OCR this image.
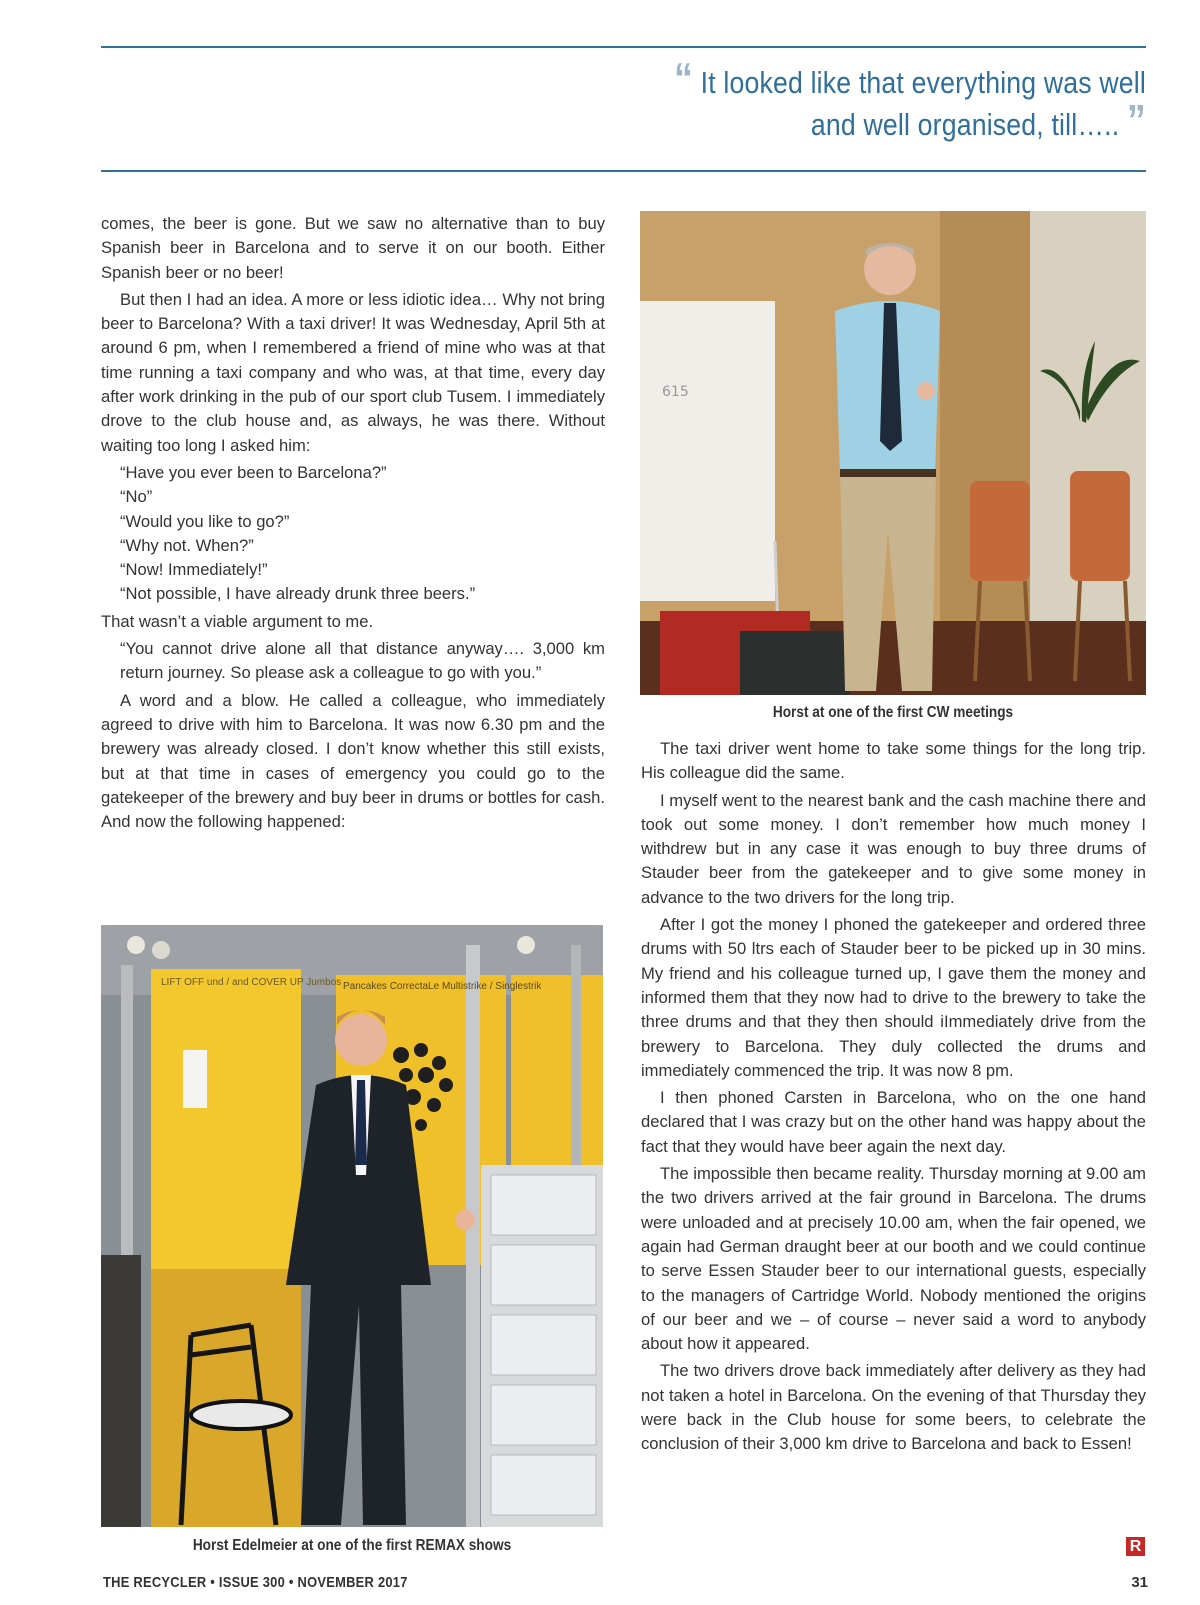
“ It looked like that everything was well
and well organised, till….. ”

comes, the beer is gone. But we saw no alternative than to buy Spanish beer in Barcelona and to serve it on our booth. Either Spanish beer or no beer!

But then I had an idea. A more or less idiotic idea… Why not bring beer to Barcelona? With a taxi driver! It was Wednesday, April 5th at around 6 pm, when I remembered a friend of mine who was at that time running a taxi company and who was, at that time, every day after work drinking in the pub of our sport club Tusem. I immediately drove to the club house and, as always, he was there. Without waiting too long I asked him:

“Have you ever been to Barcelona?”

“No”

“Would you like to go?”

“Why not. When?”

“Now! Immediately!”

“Not possible, I have already drunk three beers.”

That wasn’t a viable argument to me.

“You cannot drive alone all that distance anyway…. 3,000 km return journey. So please ask a colleague to go with you.”

A word and a blow. He called a colleague, who immediately agreed to drive with him to Barcelona. It was now 6.30 pm and the brewery was already closed. I don’t know whether this still exists, but at that time in cases of emergency you could go to the gatekeeper of the brewery and buy beer in drums or bottles for cash. And now the following happened:

LIFT OFF und / and COVER UP Jumbos Pancakes CorrectaLe Multistrike / Singlestrik
Horst Edelmeier at one of the first REMAX shows
615
Horst at one of the first CW meetings

The taxi driver went home to take some things for the long trip. His colleague did the same.

I myself went to the nearest bank and the cash machine there and took out some money. I don’t remember how much money I withdrew but in any case it was enough to buy three drums of Stauder beer from the gatekeeper and to give some money in advance to the two drivers for the long trip.

After I got the money I phoned the gatekeeper and ordered three drums with 50 ltrs each of Stauder beer to be picked up in 30 mins. My friend and his colleague turned up, I gave them the money and informed them that they now had to drive to the brewery to take the three drums and that they then should iImmediately drive from the brewery to Barcelona. They duly collected the drums and immediately commenced the trip. It was now 8 pm.

I then phoned Carsten in Barcelona, who on the one hand declared that I was crazy but on the other hand was happy about the fact that they would have beer again the next day.

The impossible then became reality. Thursday morning at 9.00 am the two drivers arrived at the fair ground in Barcelona. The drums were unloaded and at precisely 10.00 am, when the fair opened, we again had German draught beer at our booth and we could continue to serve Essen Stauder beer to our international guests, especially to the managers of Cartridge World. Nobody mentioned the origins of our beer and we – of course – never said a word to anybody about how it appeared.

The two drivers drove back immediately after delivery as they had not taken a hotel in Barcelona. On the evening of that Thursday they were back in the Club house for some beers, to celebrate the conclusion of their 3,000 km drive to Barcelona and back to Essen!

R
THE RECYCLER • ISSUE 300 • NOVEMBER 2017	31
